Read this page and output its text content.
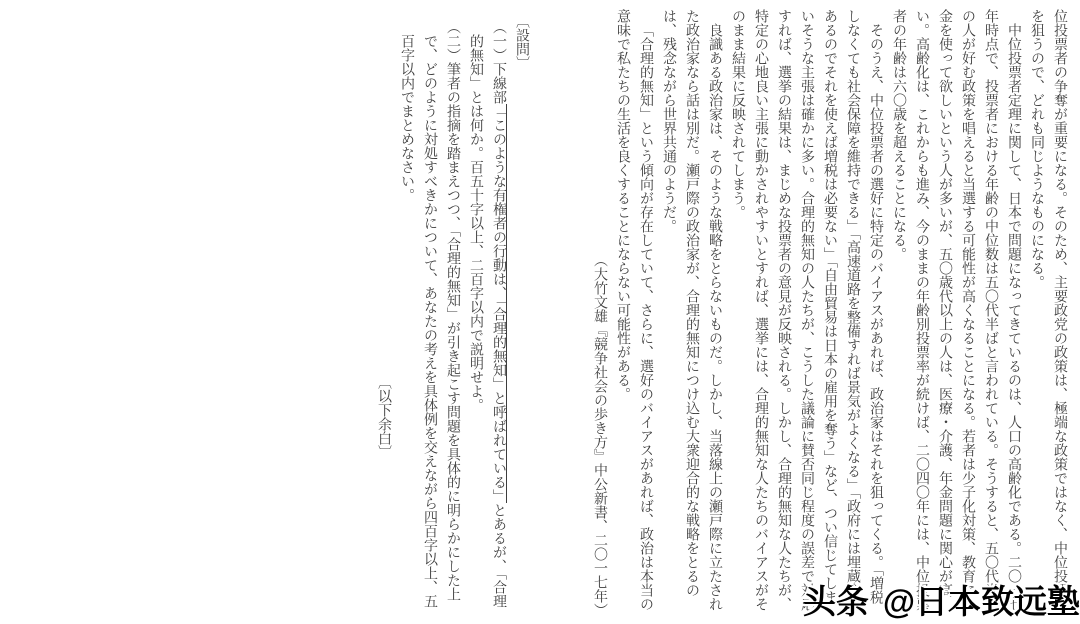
位投票者の争奪が重要になる。そのため、主要政党の政策は、極端な政策ではなく、中位投票者を狙うので、どれも同じようなものになる。

中位投票者定理に関して、日本で問題になってきているのは、人口の高齢化である。二〇一七年時点で、投票者における年齢の中位数は五〇代半ばと言われている。そうすると、五〇代半ばの人が好む政策を唱えると当選する可能性が高くなることになる。若者は少子化対策、教育にお金を使って欲しいという人が多いが、五〇歳代以上の人は、医療・介護、年金問題に関心が高い。高齢化は、これからも進み、今のままの年齢別投票率が続けば、二〇四〇年には、中位投票者の年齢は六〇歳を超えることになる。

そのうえ、中位投票者の選好に特定のバイアスがあれば、政治家はそれを狙ってくる。「増税しなくても社会保障を維持できる」「高速道路を整備すれば景気がよくなる」「政府には埋蔵金があるのでそれを使えば増税は必要ない」「自由貿易は日本の雇用を奪う」など、つい信じてしまいそうな主張は確かに多い。合理的無知の人たちが、こうした議論に賛否同じ程度の誤差で対応すれば、選挙の結果は、まじめな投票者の意見が反映される。しかし、合理的無知な人たちが、特定の心地良い主張に動かされやすいとすれば、選挙には、合理的無知な人たちのバイアスがそのまま結果に反映されてしまう。

良識ある政治家は、そのような戦略をとらないものだ。しかし、当落線上の瀬戸際に立たされた政治家なら話は別だ。瀬戸際の政治家が、合理的無知につけ込む大衆迎合的な戦略をとるのは、残念ながら世界共通のようだ。

「合理的無知」という傾向が存在していて、さらに、選好のバイアスがあれば、政治は本当の意味で私たちの生活を良くすることにならない可能性がある。

（大竹文雄『競争社会の歩き方』中公新書、二〇一七年）

〔設問〕

（一）下線部「このような有権者の行動は、「合理的無知」と呼ばれている」とあるが、「合理的無知」とは何か。百五十字以上、二百字以内で説明せよ。

（二）筆者の指摘を踏まえつつ、「合理的無知」が引き起こす問題を具体的に明らかにした上で、どのように対処すべきかについて、あなたの考えを具体例を交えながら四百字以上、五百字以内でまとめなさい。

〔以下余白〕

头条 @日本致远塾
